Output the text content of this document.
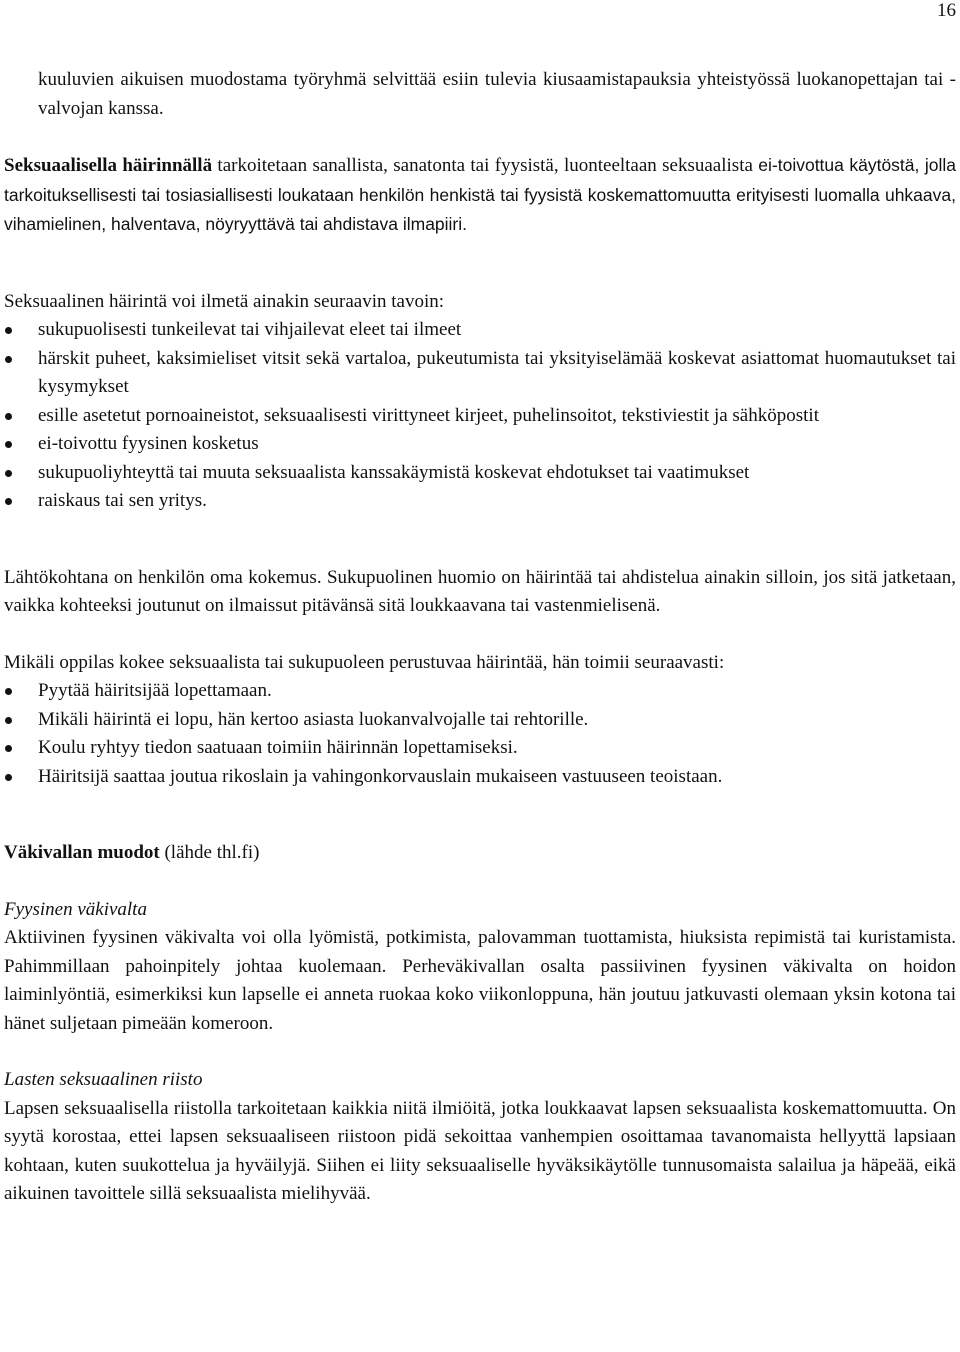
16

kuuluvien aikuisen muodostama työryhmä selvittää esiin tulevia kiusaamistapauksia yhteistyössä luokanopettajan tai -valvojan kanssa.

Seksuaalisella häirinnällä tarkoitetaan sanallista, sanatonta tai fyysistä, luonteeltaan seksuaalista ei-toivottua käytöstä, jolla tarkoituksellisesti tai tosiasiallisesti loukataan henkilön henkistä tai fyysistä koskemattomuutta erityisesti luomalla uhkaava, vihamielinen, halventava, nöyryyttävä tai ahdistava ilmapiiri.

Seksuaalinen häirintä voi ilmetä ainakin seuraavin tavoin:

sukupuolisesti tunkeilevat tai vihjailevat eleet tai ilmeet
härskit puheet, kaksimieliset vitsit sekä vartaloa, pukeutumista tai yksityiselämää koskevat asiattomat huomautukset tai kysymykset
esille asetetut pornoaineistot, seksuaalisesti virittyneet kirjeet, puhelinsoitot, tekstiviestit ja sähköpostit
ei-toivottu fyysinen kosketus
sukupuoliyhteyttä tai muuta seksuaalista kanssakäymistä koskevat ehdotukset tai vaatimukset
raiskaus tai sen yritys.

Lähtökohtana on henkilön oma kokemus. Sukupuolinen huomio on häirintää tai ahdistelua ainakin silloin, jos sitä jatketaan, vaikka kohteeksi joutunut on ilmaissut pitävänsä sitä loukkaavana tai vastenmielisenä.

Mikäli oppilas kokee seksuaalista tai sukupuoleen perustuvaa häirintää, hän toimii seuraavasti:

Pyytää häiritsijää lopettamaan.
Mikäli häirintä ei lopu, hän kertoo asiasta luokanvalvojalle tai rehtorille.
Koulu ryhtyy tiedon saatuaan toimiin häirinnän lopettamiseksi.
Häiritsijä saattaa joutua rikoslain ja vahingonkorvauslain mukaiseen vastuuseen teoistaan.

Väkivallan muodot (lähde thl.fi)

Fyysinen väkivalta

Aktiivinen fyysinen väkivalta voi olla lyömistä, potkimista, palovamman tuottamista, hiuksista repimistä tai kuristamista. Pahimmillaan pahoinpitely johtaa kuolemaan. Perheväkivallan osalta passiivinen fyysinen väkivalta on hoidon laiminlyöntiä, esimerkiksi kun lapselle ei anneta ruokaa koko viikonloppuna, hän joutuu jatkuvasti olemaan yksin kotona tai hänet suljetaan pimeään komeroon.

Lasten seksuaalinen riisto

Lapsen seksuaalisella riistolla tarkoitetaan kaikkia niitä ilmiöitä, jotka loukkaavat lapsen seksuaalista koskemattomuutta. On syytä korostaa, ettei lapsen seksuaaliseen riistoon pidä sekoittaa vanhempien osoittamaa tavanomaista hellyyttä lapsiaan kohtaan, kuten suukottelua ja hyväilyjä. Siihen ei liity seksuaaliselle hyväksikäytölle tunnusomaista salailua ja häpeää, eikä aikuinen tavoittele sillä seksuaalista mielihyvää.
